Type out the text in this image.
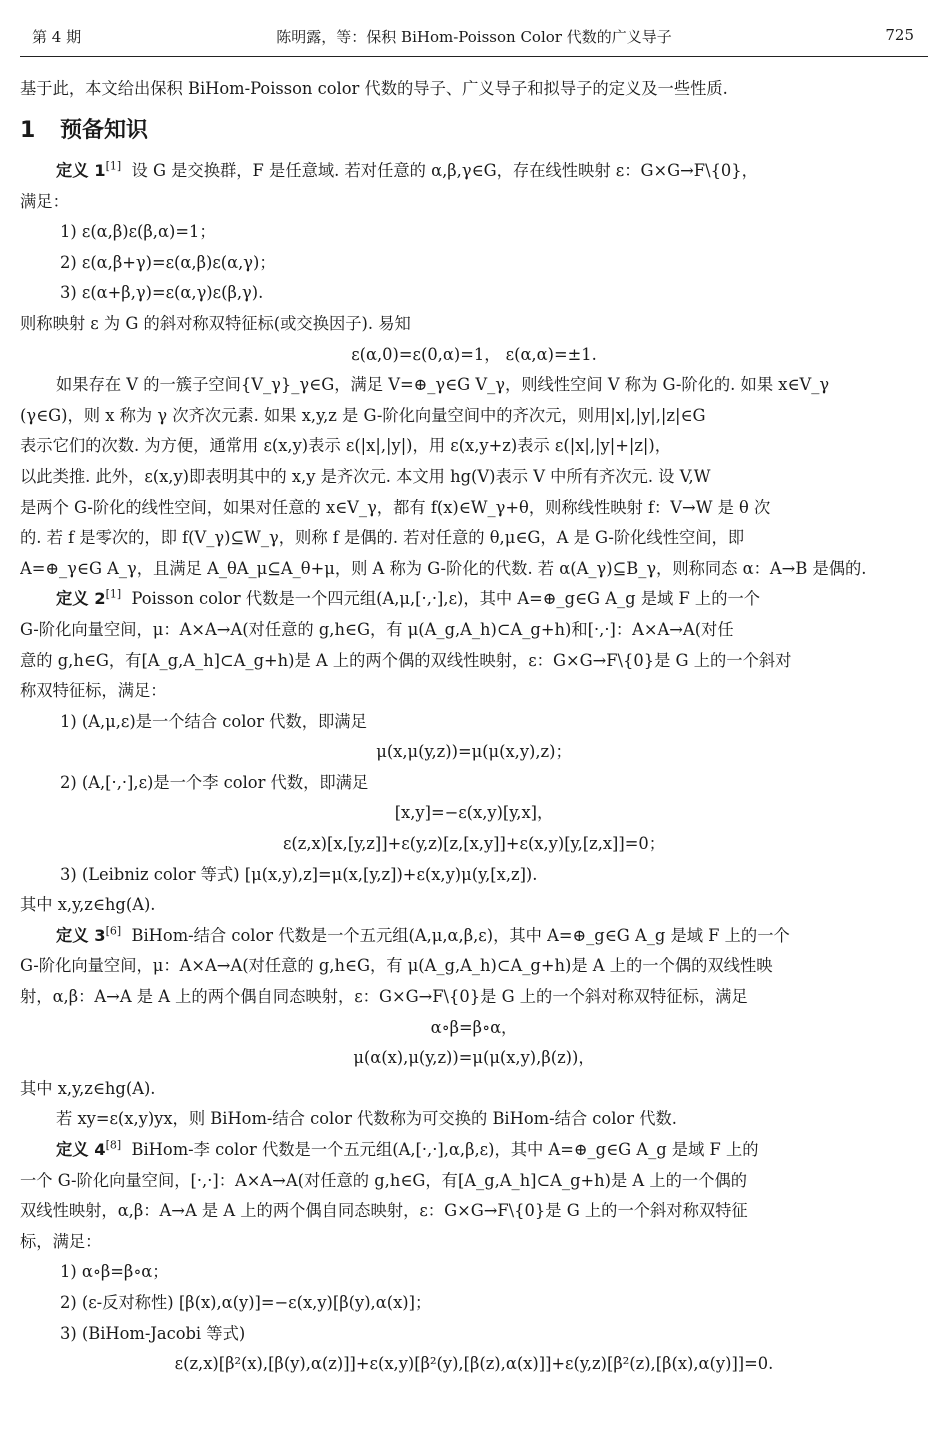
第 4 期	陈明露，等：保积 BiHom-Poisson Color 代数的广义导子	725

基于此，本文给出保积 BiHom-Poisson color 代数的导子、广义导子和拟导子的定义及一些性质.

1 预备知识

定义 1[1] 设 G 是交换群，F 是任意域. 若对任意的 α,β,γ∈G，存在线性映射 ε：G×G→F\{0}，

满足：

1) ε(α,β)ε(β,α)=1；

2) ε(α,β+γ)=ε(α,β)ε(α,γ)；

3) ε(α+β,γ)=ε(α,γ)ε(β,γ).

则称映射 ε 为 G 的斜对称双特征标(或交换因子). 易知

ε(α,0)=ε(0,α)=1， ε(α,α)=±1.

如果存在 V 的一簇子空间{V_γ}_γ∈G，满足 V=⊕_γ∈G V_γ，则线性空间 V 称为 G-阶化的. 如果 x∈V_γ

(γ∈G)，则 x 称为 γ 次齐次元素. 如果 x,y,z 是 G-阶化向量空间中的齐次元，则用|x|,|y|,|z|∈G

表示它们的次数. 为方便，通常用 ε(x,y)表示 ε(|x|,|y|)，用 ε(x,y+z)表示 ε(|x|,|y|+|z|)，

以此类推. 此外，ε(x,y)即表明其中的 x,y 是齐次元. 本文用 hg(V)表示 V 中所有齐次元. 设 V,W

是两个 G-阶化的线性空间，如果对任意的 x∈V_γ，都有 f(x)∈W_γ+θ，则称线性映射 f：V→W 是 θ 次

的. 若 f 是零次的，即 f(V_γ)⊆W_γ，则称 f 是偶的. 若对任意的 θ,μ∈G，A 是 G-阶化线性空间，即

A=⊕_γ∈G A_γ，且满足 A_θA_μ⊆A_θ+μ，则 A 称为 G-阶化的代数. 若 α(A_γ)⊆B_γ，则称同态 α：A→B 是偶的.

定义 2[1] Poisson color 代数是一个四元组(A,μ,[·,·],ε)，其中 A=⊕_g∈G A_g 是域 F 上的一个

G-阶化向量空间，μ：A×A→A(对任意的 g,h∈G，有 μ(A_g,A_h)⊂A_g+h)和[·,·]：A×A→A(对任

意的 g,h∈G，有[A_g,A_h]⊂A_g+h)是 A 上的两个偶的双线性映射，ε：G×G→F\{0}是 G 上的一个斜对

称双特征标，满足：

1) (A,μ,ε)是一个结合 color 代数，即满足

μ(x,μ(y,z))=μ(μ(x,y),z)；

2) (A,[·,·],ε)是一个李 color 代数，即满足

[x,y]=−ε(x,y)[y,x]，

ε(z,x)[x,[y,z]]+ε(y,z)[z,[x,y]]+ε(x,y)[y,[z,x]]=0；

3) (Leibniz color 等式) [μ(x,y),z]=μ(x,[y,z])+ε(x,y)μ(y,[x,z]).

其中 x,y,z∈hg(A).

定义 3[6] BiHom-结合 color 代数是一个五元组(A,μ,α,β,ε)，其中 A=⊕_g∈G A_g 是域 F 上的一个

G-阶化向量空间，μ：A×A→A(对任意的 g,h∈G，有 μ(A_g,A_h)⊂A_g+h)是 A 上的一个偶的双线性映

射，α,β：A→A 是 A 上的两个偶自同态映射，ε：G×G→F\{0}是 G 上的一个斜对称双特征标，满足

α∘β=β∘α，

μ(α(x),μ(y,z))=μ(μ(x,y),β(z))，

其中 x,y,z∈hg(A).

若 xy=ε(x,y)yx，则 BiHom-结合 color 代数称为可交换的 BiHom-结合 color 代数.

定义 4[8] BiHom-李 color 代数是一个五元组(A,[·,·],α,β,ε)，其中 A=⊕_g∈G A_g 是域 F 上的

一个 G-阶化向量空间，[·,·]：A×A→A(对任意的 g,h∈G，有[A_g,A_h]⊂A_g+h)是 A 上的一个偶的

双线性映射，α,β：A→A 是 A 上的两个偶自同态映射，ε：G×G→F\{0}是 G 上的一个斜对称双特征

标，满足：

1) α∘β=β∘α；

2) (ε-反对称性) [β(x),α(y)]=−ε(x,y)[β(y),α(x)]；

3) (BiHom-Jacobi 等式)

ε(z,x)[β²(x),[β(y),α(z)]]+ε(x,y)[β²(y),[β(z),α(x)]]+ε(y,z)[β²(z),[β(x),α(y)]]=0.
